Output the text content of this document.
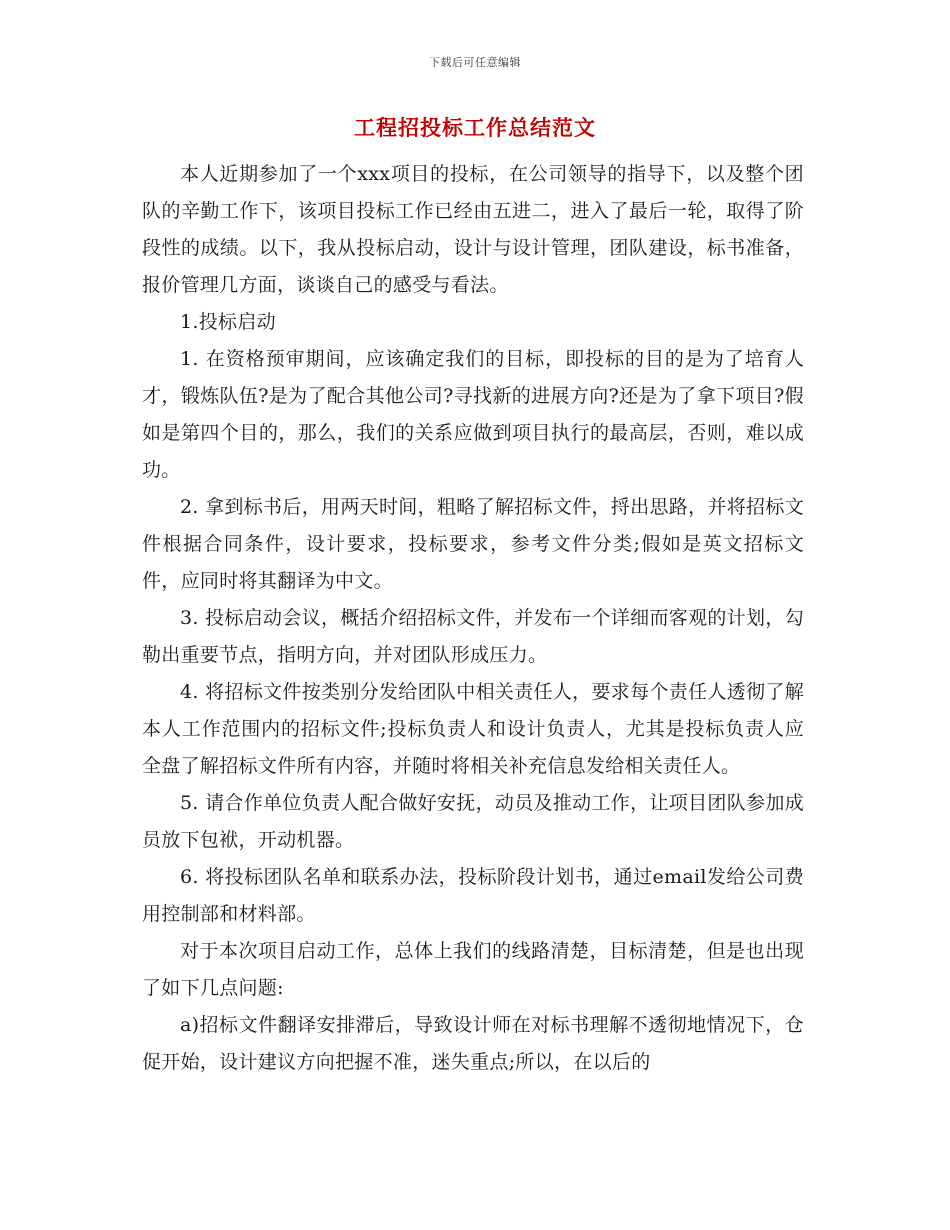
下载后可任意编辑
工程招投标工作总结范文

本人近期参加了一个xxx项目的投标，在公司领导的指导下，以及整个团队的辛勤工作下，该项目投标工作已经由五进二，进入了最后一轮，取得了阶段性的成绩。以下，我从投标启动，设计与设计管理，团队建设，标书准备，报价管理几方面，谈谈自己的感受与看法。

1.投标启动

1. 在资格预审期间，应该确定我们的目标，即投标的目的是为了培育人才，锻炼队伍?是为了配合其他公司?寻找新的进展方向?还是为了拿下项目?假如是第四个目的，那么，我们的关系应做到项目执行的最高层，否则，难以成功。

2. 拿到标书后，用两天时间，粗略了解招标文件，捋出思路，并将招标文件根据合同条件，设计要求，投标要求，参考文件分类;假如是英文招标文件，应同时将其翻译为中文。

3. 投标启动会议，概括介绍招标文件，并发布一个详细而客观的计划，勾勒出重要节点，指明方向，并对团队形成压力。

4. 将招标文件按类别分发给团队中相关责任人，要求每个责任人透彻了解本人工作范围内的招标文件;投标负责人和设计负责人，尤其是投标负责人应全盘了解招标文件所有内容，并随时将相关补充信息发给相关责任人。

5. 请合作单位负责人配合做好安抚，动员及推动工作，让项目团队参加成员放下包袱，开动机器。

6. 将投标团队名单和联系办法，投标阶段计划书，通过email发给公司费用控制部和材料部。

对于本次项目启动工作，总体上我们的线路清楚，目标清楚，但是也出现了如下几点问题:

a)招标文件翻译安排滞后，导致设计师在对标书理解不透彻地情况下，仓促开始，设计建议方向把握不准，迷失重点;所以，在以后的
